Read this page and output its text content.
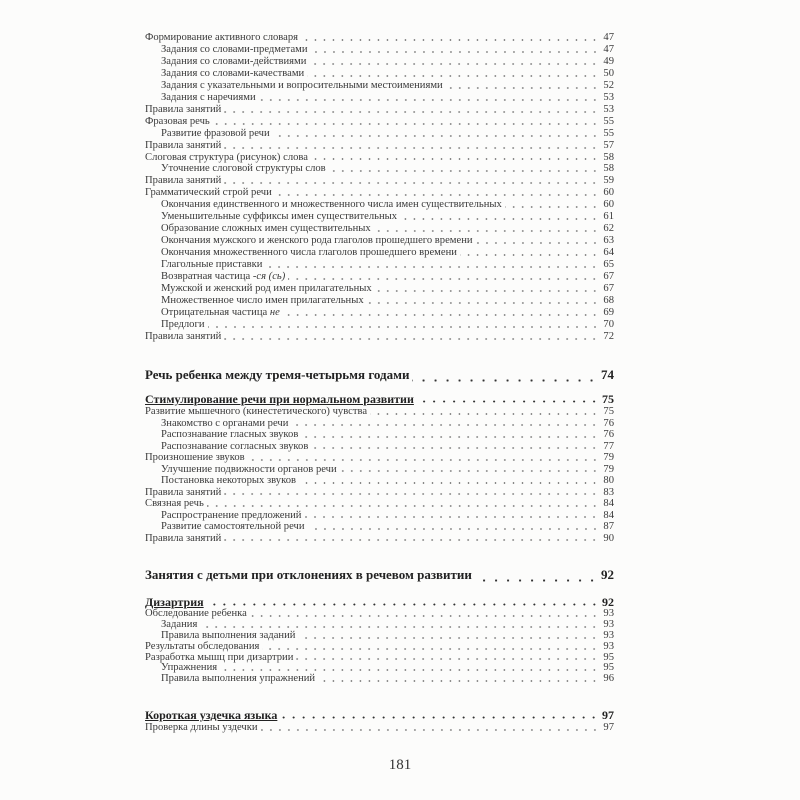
Формирование активного словаря	47
Задания со словами-предметами	47
Задания со словами-действиями	49
Задания со словами-качествами	50
Задания с указательными и вопросительными местоимениями	52
Задания с наречиями	53
Правила занятий	53
Фразовая речь	55
Развитие фразовой речи	55
Правила занятий	57
Слоговая структура (рисунок) слова	58
Уточнение слоговой структуры слов	58
Правила занятий	59
Грамматический строй речи	60
Окончания единственного и множественного числа имен существительных	60
Уменьшительные суффиксы имен существительных	61
Образование сложных имен существительных	62
Окончания мужского и женского рода глаголов прошедшего времени	63
Окончания множественного числа глаголов прошедшего времени	64
Глагольные приставки	65
Возвратная частица -ся (сь)	67
Мужской и женский род имен прилагательных	67
Множественное число имен прилагательных	68
Отрицательная частица не	69
Предлоги	70
Правила занятий	72
Речь ребенка между тремя-четырьмя годами	74
Стимулирование речи при нормальном развитии	75
Развитие мышечного (кинестетического) чувства	75
Знакомство с органами речи	76
Распознавание гласных звуков	76
Распознавание согласных звуков	77
Произношение звуков	79
Улучшение подвижности органов речи	79
Постановка некоторых звуков	80
Правила занятий	83
Связная речь	84
Распространение предложений	84
Развитие самостоятельной речи	87
Правила занятий	90
Занятия с детьми при отклонениях в речевом развитии	92
Дизартрия	92
Обследование ребенка	93
Задания	93
Правила выполнения заданий	93
Результаты обследования	93
Разработка мышц при дизартрии	95
Упражнения	95
Правила выполнения упражнений	96
Короткая уздечка языка	97
Проверка длины уздечки	97
181
